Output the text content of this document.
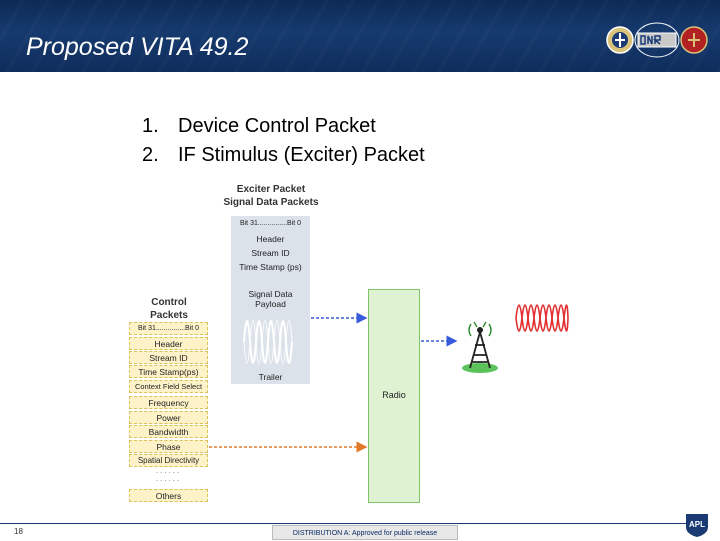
Proposed VITA 49.2
1. Device Control Packet
2. IF Stimulus (Exciter) Packet
Exciter Packet
Signal Data Packets
Bit 31...............Bit 0
Header
Stream ID
Time Stamp (ps)
Signal Data
Payload
Trailer
Control
Packets
Bit 31...............Bit 0
Header
Stream ID
Time Stamp(ps)
Context Field Select
Frequency
Power
Bandwidth
Phase
Spatial Directivity
......
......
Others
Radio
18	DISTRIBUTION A: Approved for public release
APL
